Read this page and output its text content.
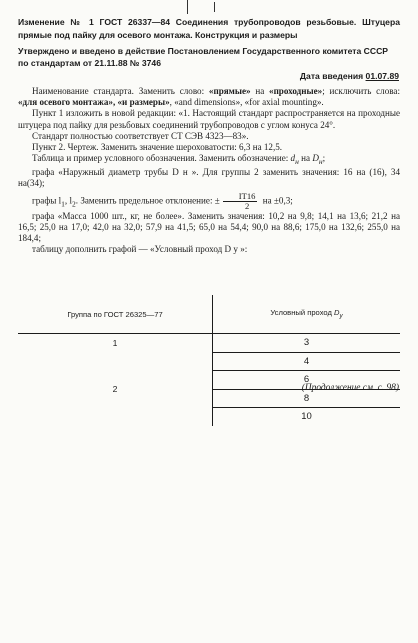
Изменение № 1 ГОСТ 26337—84 Соединения трубопроводов резьбовые. Штуцера прямые под пайку для осевого монтажа. Конструкция и размеры
Утверждено и введено в действие Постановлением Государственного комитета СССР по стандартам от 21.11.88 № 3746
Дата введения 01.07.89

Наименование стандарта. Заменить слово: «прямые» на «проходные»; исключить слова: «для осевого монтажа», «и размеры», «and dimensions», «for axial mounting».

Пункт 1 изложить в новой редакции: «1. Настоящий стандарт распространяется на проходные штуцера под пайку для резьбовых соединений трубопроводов с углом конуса 24°.

Стандарт полностью соответствует СТ СЭВ 4323—83».

Пункт 2. Чертеж. Заменить значение шероховатости: 6,3 на 12,5.

Таблица и пример условного обозначения. Заменить обозначение: $d_н$ на $D_н$;

графа «Наружный диаметр трубы D н ». Для группы 2 заменить значения: 16 на (16), 34 на(34);

графы $l_1$, $l_2$. Заменить предельное отклонение: ± $\frac{IT16}{2}$ на ±0,3;

графа «Масса 1000 шт., кг, не более». Заменить значения: 10,2 на 9,8; 14,1 на 13,6; 21,2 на 16,5; 25,0 на 17,0; 42,0 на 32,0; 57,9 на 41,5; 65,0 на 54,4; 90,0 на 88,6; 175,0 на 132,6; 255,0 на 184,4;

таблицу дополнить графой — «Условный проход D y »:

Группа по ГОСТ 26325—77	Условный проход $D_у$
1	3
2	4
	6
	8
	10
(Продолжение см. с. 98)
